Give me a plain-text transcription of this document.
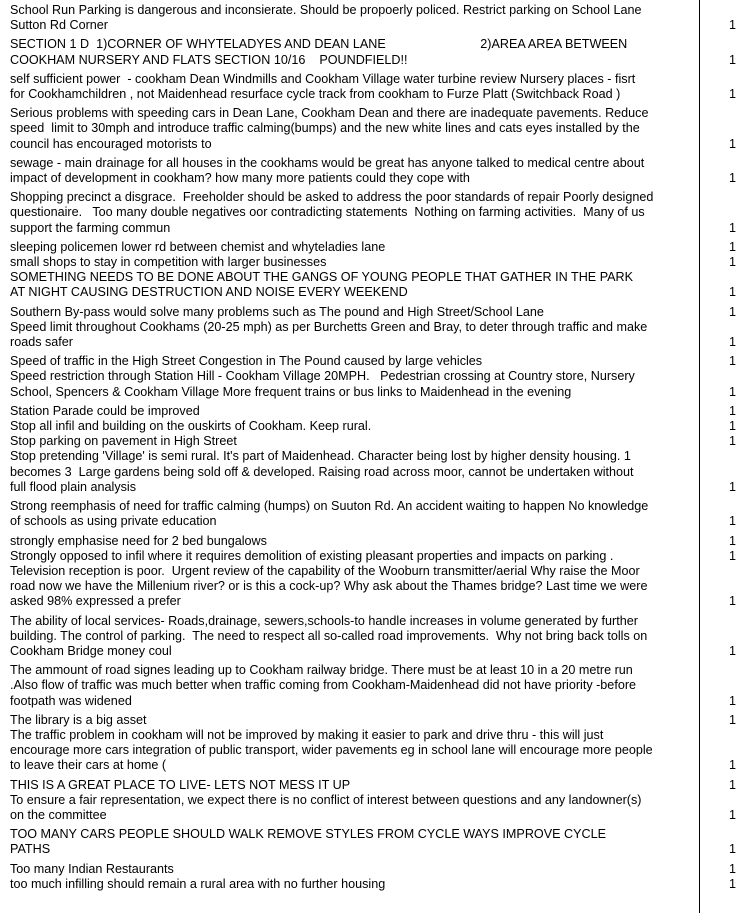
School Run Parking is dangerous and inconsierate. Should be propoerly policed. Restrict parking on School Lane
Sutton Rd Corner	1
SECTION 1 D  1)CORNER OF WHYTELADYES AND DEAN LANE                           2)AREA AREA BETWEEN
COOKHAM NURSERY AND FLATS SECTION 10/16    POUNDFIELD!!	1
self sufficient power  - cookham Dean Windmills and Cookham Village water turbine review Nursery places - fisrt
for Cookhamchildren , not Maidenhead resurface cycle track from cookham to Furze Platt (Switchback Road )	1
Serious problems with speeding cars in Dean Lane, Cookham Dean and there are inadequate pavements. Reduce
speed  limit to 30mph and introduce traffic calming(bumps) and the new white lines and cats eyes installed by the
council has encouraged motorists to	1
sewage - main drainage for all houses in the cookhams would be great has anyone talked to medical centre about
impact of development in cookham? how many more patients could they cope with	1
Shopping precinct a disgrace.  Freeholder should be asked to address the poor standards of repair Poorly designed
questionaire.   Too many double negatives oor contradicting statements  Nothing on farming activities.  Many of us
support the farming commun	1
sleeping policemen lower rd between chemist and whyteladies lane	1
small shops to stay in competition with larger businesses	1
SOMETHING NEEDS TO BE DONE ABOUT THE GANGS OF YOUNG PEOPLE THAT GATHER IN THE PARK
AT NIGHT CAUSING DESTRUCTION AND NOISE EVERY WEEKEND	1
Southern By-pass would solve many problems such as The pound and High Street/School Lane	1
Speed limit throughout Cookhams (20-25 mph) as per Burchetts Green and Bray, to deter through traffic and make
roads safer	1
Speed of traffic in the High Street Congestion in The Pound caused by large vehicles	1
Speed restriction through Station Hill - Cookham Village 20MPH.   Pedestrian crossing at Country store, Nursery
School, Spencers & Cookham Village More frequent trains or bus links to Maidenhead in the evening	1
Station Parade could be improved	1
Stop all infil and building on the ouskirts of Cookham. Keep rural.	1
Stop parking on pavement in High Street	1
Stop pretending 'Village' is semi rural. It's part of Maidenhead. Character being lost by higher density housing. 1
becomes 3  Large gardens being sold off & developed. Raising road across moor, cannot be undertaken without
full flood plain analysis	1
Strong reemphasis of need for traffic calming (humps) on Suuton Rd. An accident waiting to happen No knowledge
of schools as using private education	1
strongly emphasise need for 2 bed bungalows	1
Strongly opposed to infil where it requires demolition of existing pleasant properties and impacts on parking .	1
Television reception is poor.  Urgent review of the capability of the Wooburn transmitter/aerial Why raise the Moor
road now we have the Millenium river? or is this a cock-up? Why ask about the Thames bridge? Last time we were
asked 98% expressed a prefer	1
The ability of local services- Roads,drainage, sewers,schools-to handle increases in volume generated by further
building. The control of parking.  The need to respect all so-called road improvements.  Why not bring back tolls on
Cookham Bridge money coul	1
The ammount of road signes leading up to Cookham railway bridge. There must be at least 10 in a 20 metre run
.Also flow of traffic was much better when traffic coming from Cookham-Maidenhead did not have priority -before
footpath was widened	1
The library is a big asset	1
The traffic problem in cookham will not be improved by making it easier to park and drive thru - this will just
encourage more cars integration of public transport, wider pavements eg in school lane will encourage more people
to leave their cars at home (	1
THIS IS A GREAT PLACE TO LIVE- LETS NOT MESS IT UP	1
To ensure a fair representation, we expect there is no conflict of interest between questions and any landowner(s)
on the committee	1
TOO MANY CARS PEOPLE SHOULD WALK REMOVE STYLES FROM CYCLE WAYS IMPROVE CYCLE
PATHS	1
Too many Indian Restaurants	1
too much infilling should remain a rural area with no further housing	1
